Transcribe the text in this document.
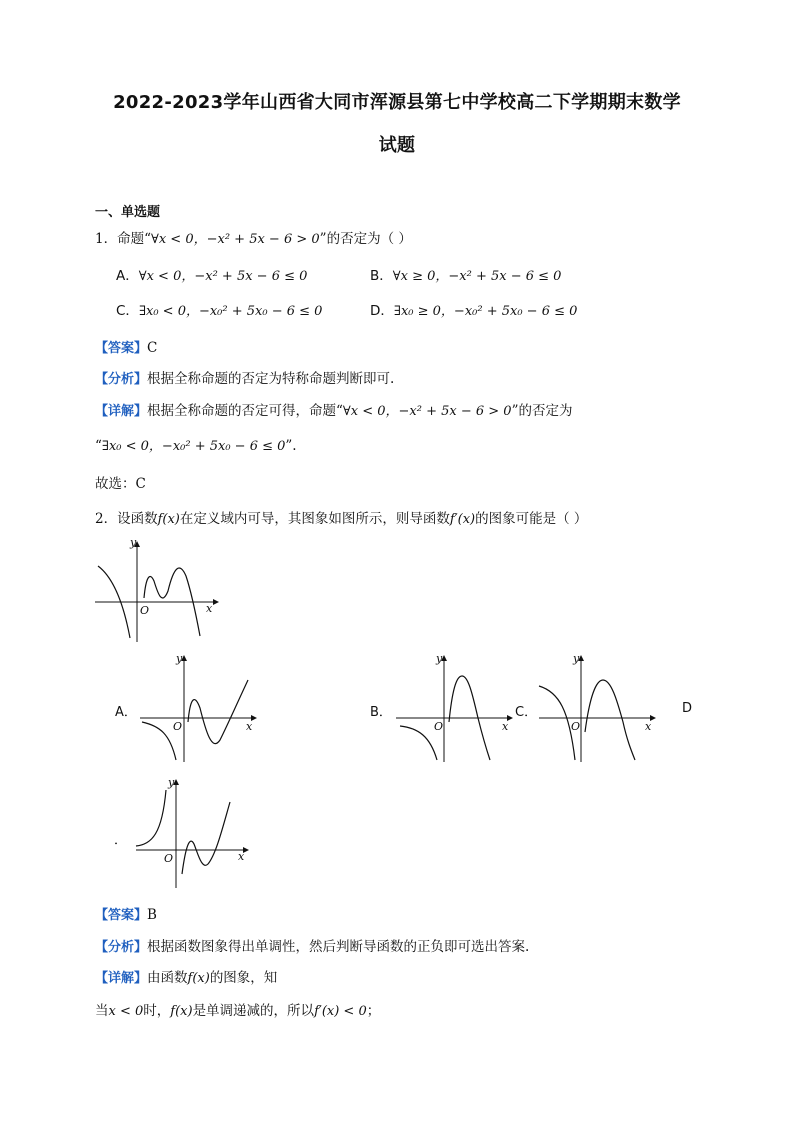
2022-2023学年山西省大同市浑源县第七中学校高二下学期期末数学
试题
一、单选题
1．命题“∀x < 0，−x² + 5x − 6 > 0”的否定为（ ）
A．∀x < 0，−x² + 5x − 6 ≤ 0	B．∀x ≥ 0，−x² + 5x − 6 ≤ 0
C．∃x₀ < 0，−x₀² + 5x₀ − 6 ≤ 0	D．∃x₀ ≥ 0，−x₀² + 5x₀ − 6 ≤ 0
【答案】C
【分析】根据全称命题的否定为特称命题判断即可.
【详解】根据全称命题的否定可得，命题“∀x < 0，−x² + 5x − 6 > 0”的否定为
“∃x₀ < 0，−x₀² + 5x₀ − 6 ≤ 0”.
故选：C
2．设函数f(x)在定义域内可导，其图象如图所示，则导函数f′(x)的图象可能是（ ）
y
x
O
A．
y
x
O
B．
y
x
O
C．
y
x
O
D
．
y
x
O
【答案】B
【分析】根据函数图象得出单调性，然后判断导函数的正负即可选出答案.
【详解】由函数f(x)的图象，知
当x < 0时，f(x)是单调递减的，所以f′(x) < 0；
